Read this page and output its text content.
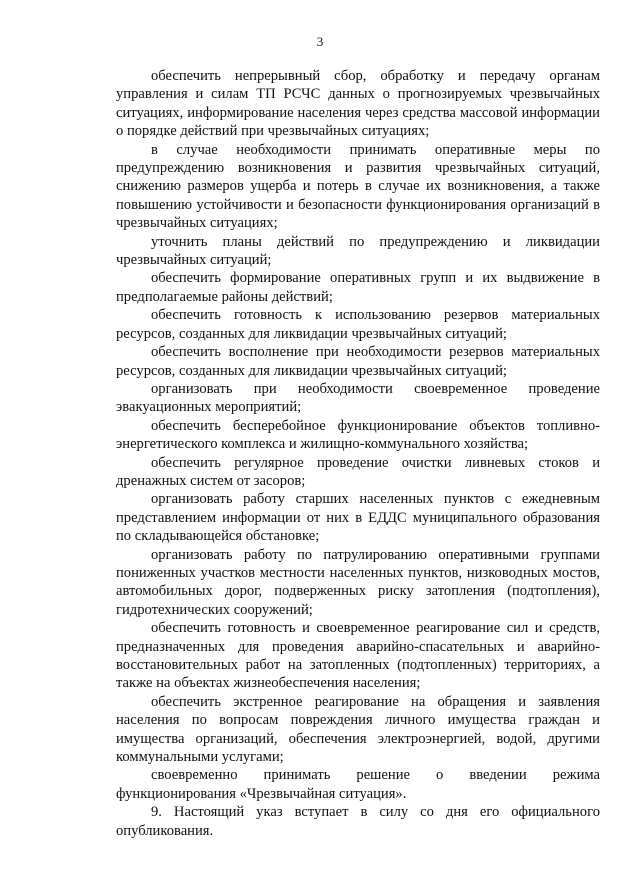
3

обеспечить непрерывный сбор, обработку и передачу органам управления и силам ТП РСЧС данных о прогнозируемых чрезвычайных ситуациях, информирование населения через средства массовой информации о порядке действий при чрезвычайных ситуациях;

в случае необходимости принимать оперативные меры по предупреждению возникновения и развития чрезвычайных ситуаций, снижению размеров ущерба и потерь в случае их возникновения, а также повышению устойчивости и безопасности функционирования организаций в чрезвычайных ситуациях;

уточнить планы действий по предупреждению и ликвидации чрезвычайных ситуаций;

обеспечить формирование оперативных групп и их выдвижение в предполагаемые районы действий;

обеспечить готовность к использованию резервов материальных ресурсов, созданных для ликвидации чрезвычайных ситуаций;

обеспечить восполнение при необходимости резервов материальных ресурсов, созданных для ликвидации чрезвычайных ситуаций;

организовать при необходимости своевременное проведение эвакуационных мероприятий;

обеспечить бесперебойное функционирование объектов топливно-энергетического комплекса и жилищно-коммунального хозяйства;

обеспечить регулярное проведение очистки ливневых стоков и дренажных систем от засоров;

организовать работу старших населенных пунктов с ежедневным представлением информации от них в ЕДДС муниципального образования по складывающейся обстановке;

организовать работу по патрулированию оперативными группами пониженных участков местности населенных пунктов, низководных мостов, автомобильных дорог, подверженных риску затопления (подтопления), гидротехнических сооружений;

обеспечить готовность и своевременное реагирование сил и средств, предназначенных для проведения аварийно-спасательных и аварийно-восстановительных работ на затопленных (подтопленных) территориях, а также на объектах жизнеобеспечения населения;

обеспечить экстренное реагирование на обращения и заявления населения по вопросам повреждения личного имущества граждан и имущества организаций, обеспечения электроэнергией, водой, другими коммунальными услугами;

своевременно принимать решение о введении режима функционирования «Чрезвычайная ситуация».

9. Настоящий указ вступает в силу со дня его официального опубликования.
